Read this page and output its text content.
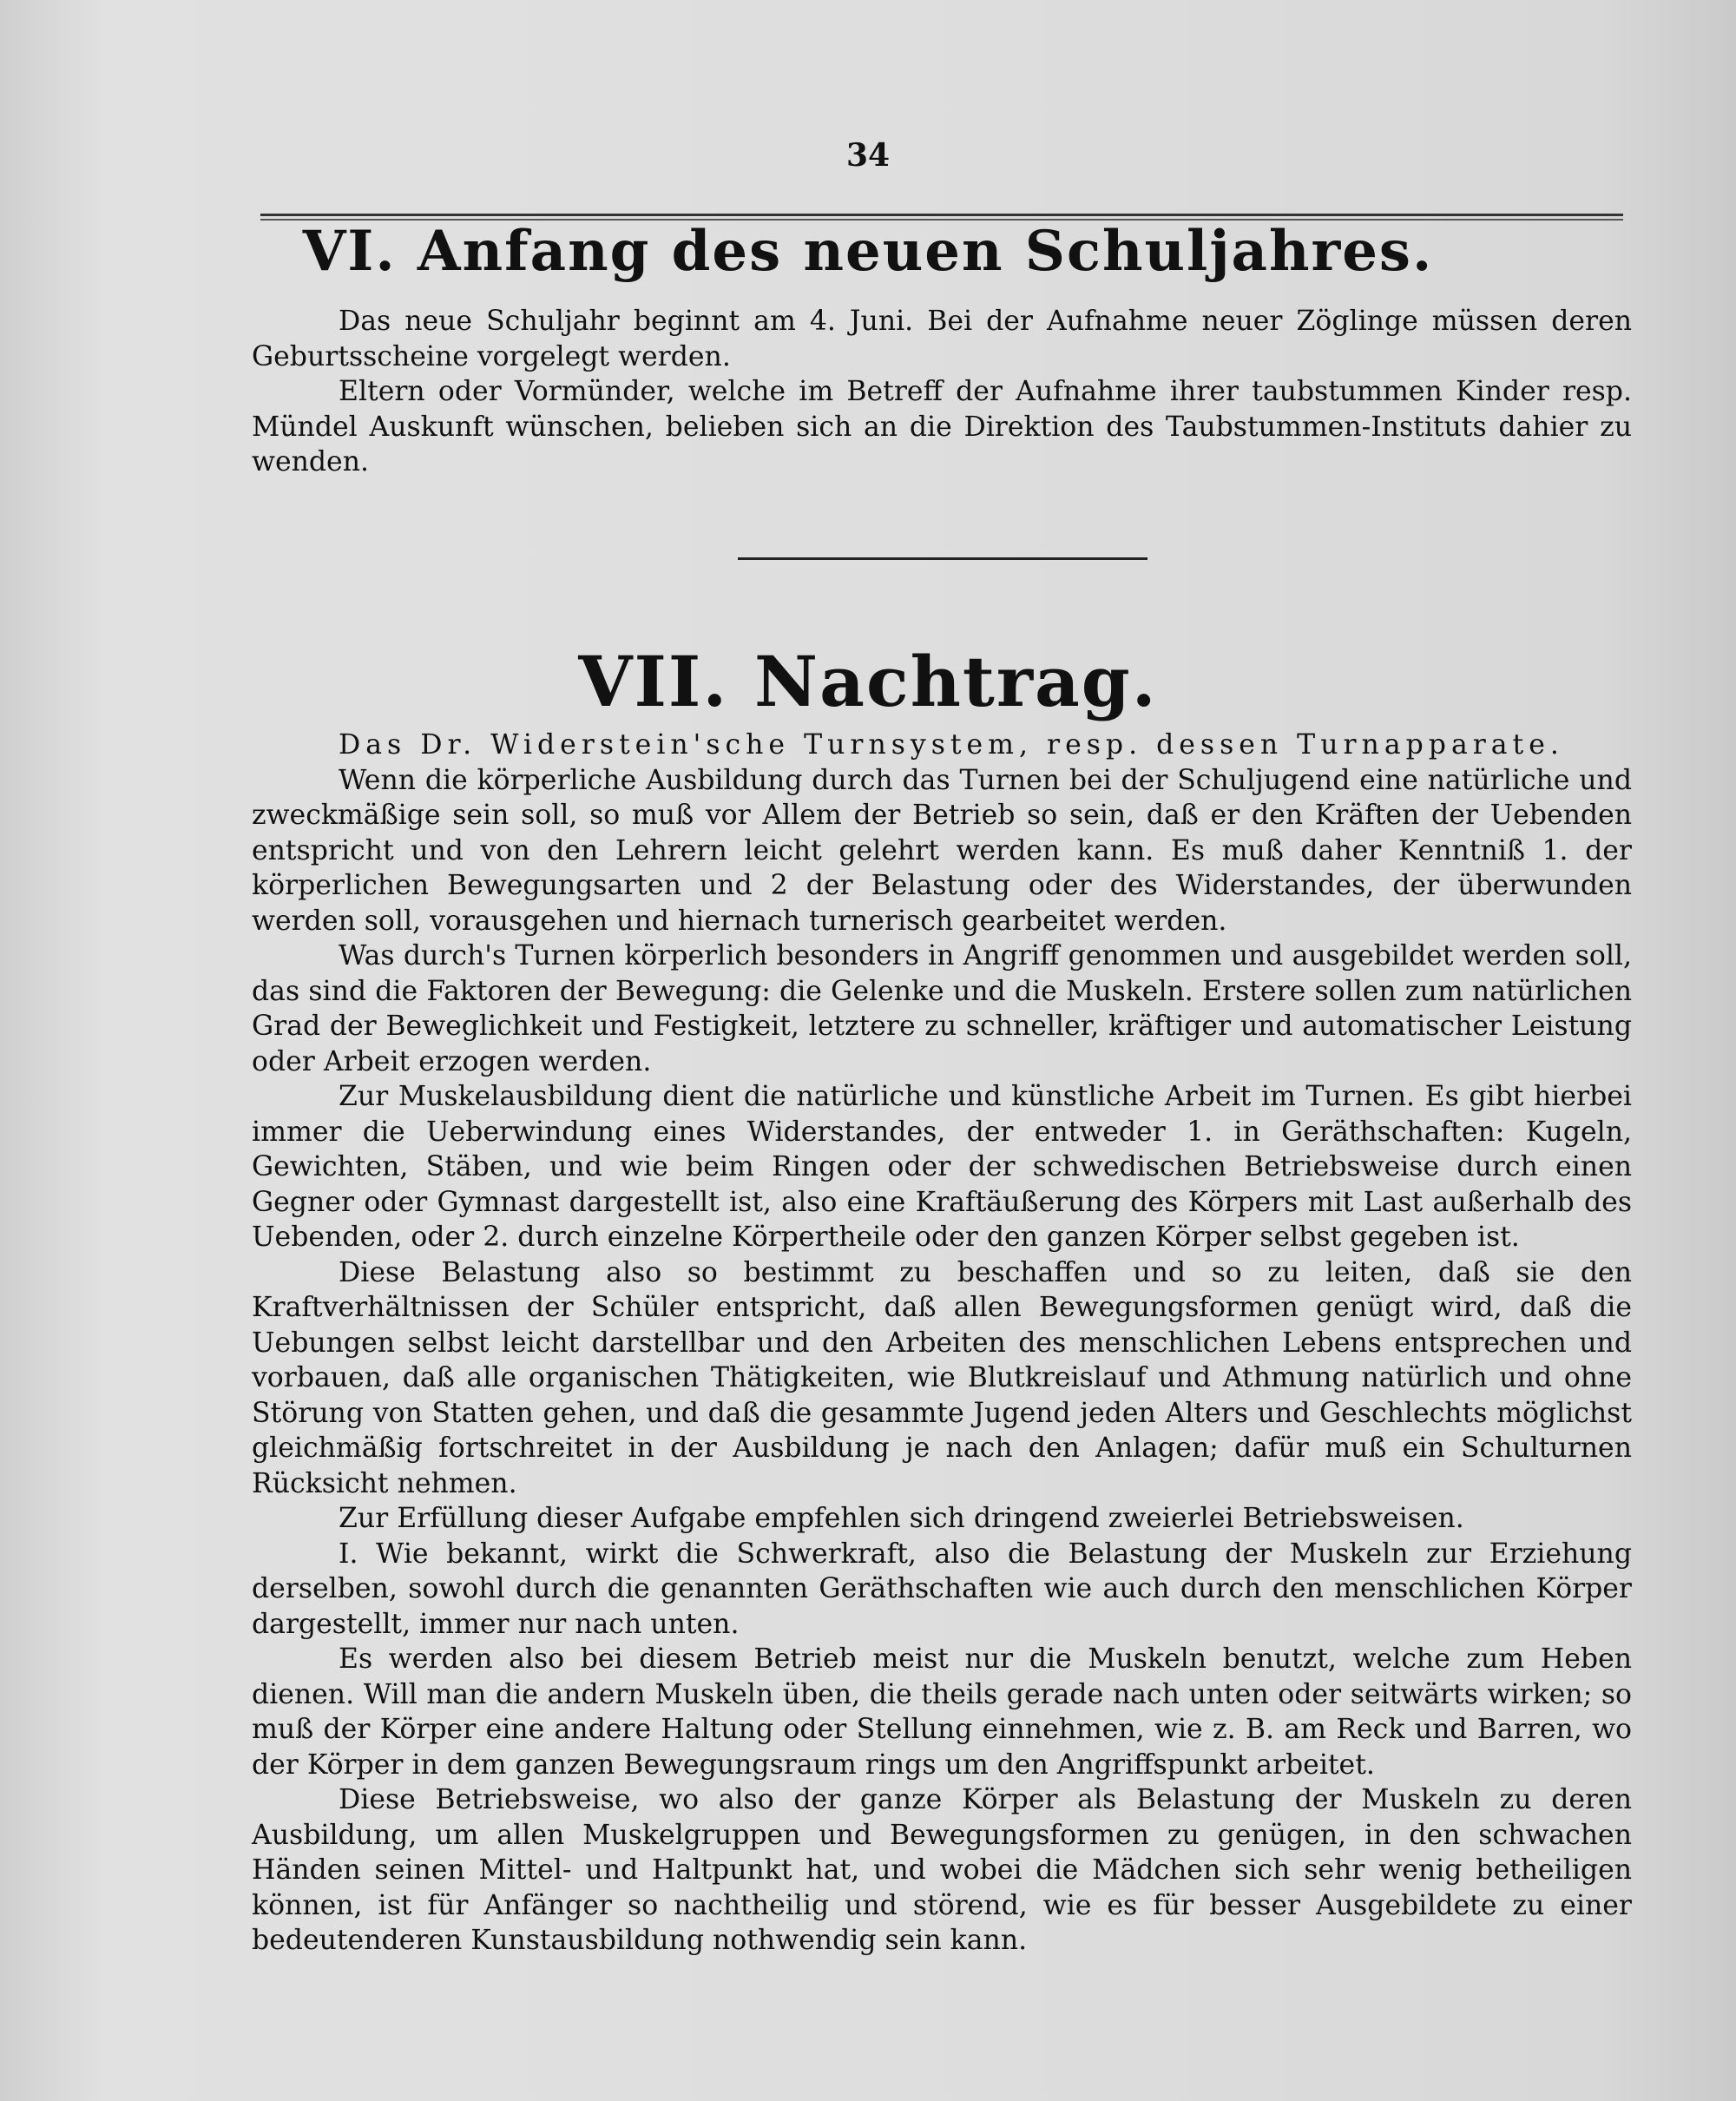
34
VI. Anfang des neuen Schuljahres.

Das neue Schuljahr beginnt am 4. Juni. Bei der Aufnahme neuer Zöglinge müssen deren Geburtsscheine vorgelegt werden.

Eltern oder Vormünder, welche im Betreff der Aufnahme ihrer taubstummen Kinder resp. Mündel Auskunft wünschen, belieben sich an die Direktion des Taubstummen-Instituts dahier zu wenden.

VII. Nachtrag.

Das Dr. Widerstein'sche Turnsystem, resp. dessen Turnapparate.

Wenn die körperliche Ausbildung durch das Turnen bei der Schuljugend eine natürliche und zweckmäßige sein soll, so muß vor Allem der Betrieb so sein, daß er den Kräften der Uebenden entspricht und von den Lehrern leicht gelehrt werden kann. Es muß daher Kenntniß 1. der körperlichen Bewegungsarten und 2 der Belastung oder des Widerstandes, der überwunden werden soll, vorausgehen und hiernach turnerisch gearbeitet werden.

Was durch's Turnen körperlich besonders in Angriff genommen und ausgebildet werden soll, das sind die Faktoren der Bewegung: die Gelenke und die Muskeln. Erstere sollen zum natürlichen Grad der Beweglichkeit und Festigkeit, letztere zu schneller, kräftiger und automatischer Leistung oder Arbeit erzogen werden.

Zur Muskelausbildung dient die natürliche und künstliche Arbeit im Turnen. Es gibt hierbei immer die Ueberwindung eines Widerstandes, der entweder 1. in Geräthschaften: Kugeln, Gewichten, Stäben, und wie beim Ringen oder der schwedischen Betriebsweise durch einen Gegner oder Gymnast dargestellt ist, also eine Kraftäußerung des Körpers mit Last außerhalb des Uebenden, oder 2. durch einzelne Körpertheile oder den ganzen Körper selbst gegeben ist.

Diese Belastung also so bestimmt zu beschaffen und so zu leiten, daß sie den Kraftverhältnissen der Schüler entspricht, daß allen Bewegungsformen genügt wird, daß die Uebungen selbst leicht darstellbar und den Arbeiten des menschlichen Lebens entsprechen und vorbauen, daß alle organischen Thätigkeiten, wie Blutkreislauf und Athmung natürlich und ohne Störung von Statten gehen, und daß die gesammte Jugend jeden Alters und Geschlechts möglichst gleichmäßig fortschreitet in der Ausbildung je nach den Anlagen; dafür muß ein Schulturnen Rücksicht nehmen.

Zur Erfüllung dieser Aufgabe empfehlen sich dringend zweierlei Betriebsweisen.

I. Wie bekannt, wirkt die Schwerkraft, also die Belastung der Muskeln zur Erziehung derselben, sowohl durch die genannten Geräthschaften wie auch durch den menschlichen Körper dargestellt, immer nur nach unten.

Es werden also bei diesem Betrieb meist nur die Muskeln benutzt, welche zum Heben dienen. Will man die andern Muskeln üben, die theils gerade nach unten oder seitwärts wirken; so muß der Körper eine andere Haltung oder Stellung einnehmen, wie z. B. am Reck und Barren, wo der Körper in dem ganzen Bewegungsraum rings um den Angriffspunkt arbeitet.

Diese Betriebsweise, wo also der ganze Körper als Belastung der Muskeln zu deren Ausbildung, um allen Muskelgruppen und Bewegungsformen zu genügen, in den schwachen Händen seinen Mittel- und Haltpunkt hat, und wobei die Mädchen sich sehr wenig betheiligen können, ist für Anfänger so nachtheilig und störend, wie es für besser Ausgebildete zu einer bedeutenderen Kunstausbildung nothwendig sein kann.
